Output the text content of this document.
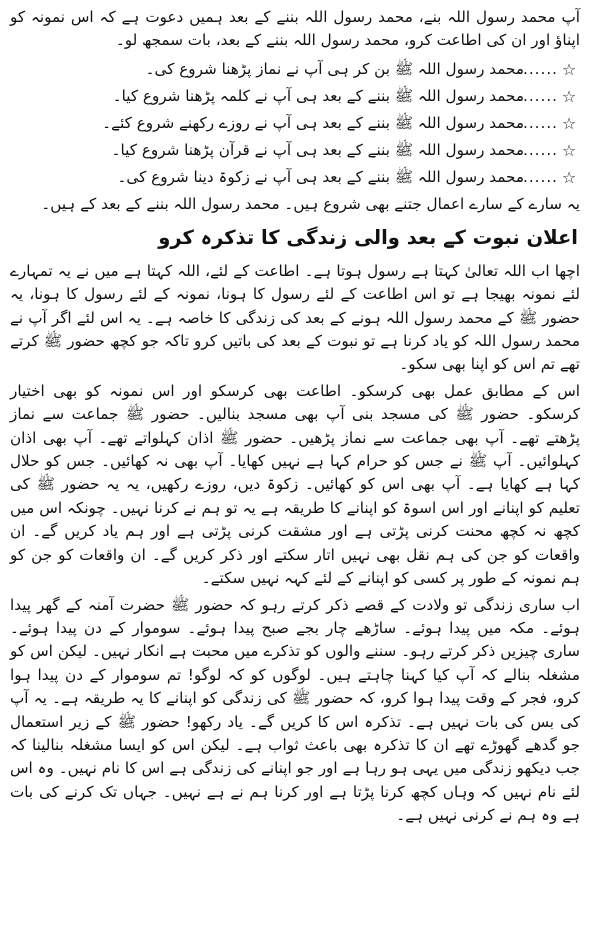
آپ محمد رسول اللہ بنے، محمد رسول اللہ بننے کے بعد ہمیں دعوت ہے کہ اس نمونہ کو اپناؤ اور ان کی اطاعت کرو، محمد رسول اللہ بننے کے بعد، بات سمجھ لو۔

☆
.......
محمد رسول اللہ ﷺ بن کر ہی آپ نے نماز پڑھنا شروع کی۔
☆
.......
محمد رسول اللہ ﷺ بننے کے بعد ہی آپ نے کلمہ پڑھنا شروع کیا۔
☆
.......
محمد رسول اللہ ﷺ بننے کے بعد ہی آپ نے روزے رکھنے شروع کئے۔
☆
.......
محمد رسول اللہ ﷺ بننے کے بعد ہی آپ نے قرآن پڑھنا شروع کیا۔
☆
.......
محمد رسول اللہ ﷺ بننے کے بعد ہی آپ نے زکوۃ دینا شروع کی۔

یہ سارے کے سارے اعمال جتنے بھی شروع ہیں۔ محمد رسول اللہ بننے کے بعد کے ہیں۔

اعلان نبوت کے بعد والی زندگی کا تذکرہ کرو

اچھا اب اللہ تعالیٰ کہتا ہے رسول ہوتا ہے۔ اطاعت کے لئے، اللہ کہتا ہے میں نے یہ تمہارے لئے نمونہ بھیجا ہے تو اس اطاعت کے لئے رسول کا ہونا، نمونہ کے لئے رسول کا ہونا، یہ حضور ﷺ کے محمد رسول اللہ ہونے کے بعد کی زندگی کا خاصہ ہے۔ یہ اس لئے اگر آپ نے محمد رسول اللہ کو یاد کرنا ہے تو نبوت کے بعد کی باتیں کرو تاکہ جو کچھ حضور ﷺ کرتے تھے تم اس کو اپنا بھی سکو۔

اس کے مطابق عمل بھی کرسکو۔ اطاعت بھی کرسکو اور اس نمونہ کو بھی اختیار کرسکو۔ حضور ﷺ کی مسجد بنی آپ بھی مسجد بنالیں۔ حضور ﷺ جماعت سے نماز پڑھتے تھے۔ آپ بھی جماعت سے نماز پڑھیں۔ حضور ﷺ اذان کہلواتے تھے۔ آپ بھی اذان کہلوائیں۔ آپ ﷺ نے جس کو حرام کہا ہے نہیں کھایا۔ آپ بھی نہ کھائیں۔ جس کو حلال کہا ہے کھایا ہے۔ آپ بھی اس کو کھائیں۔ زکوۃ دیں، روزے رکھیں، یہ یہ حضور ﷺ کی تعلیم کو اپنانے اور اس اسوۃ کو اپنانے کا طریقہ ہے یہ تو ہم نے کرنا نہیں۔ چونکہ اس میں کچھ نہ کچھ محنت کرنی پڑتی ہے اور مشقت کرنی پڑتی ہے اور ہم یاد کریں گے۔ ان واقعات کو جن کی ہم نقل بھی نہیں اتار سکتے اور ذکر کریں گے۔ ان واقعات کو جن کو ہم نمونہ کے طور پر کسی کو اپنانے کے لئے کہہ نہیں سکتے۔

اب ساری زندگی تو ولادت کے قصے ذکر کرتے رہو کہ حضور ﷺ حضرت آمنہ کے گھر پیدا ہوئے۔ مکہ میں پیدا ہوئے۔ ساڑھے چار بجے صبح پیدا ہوئے۔ سوموار کے دن پیدا ہوئے۔ ساری چیزیں ذکر کرتے رہو۔ سننے والوں کو تذکرے میں محبت ہے انکار نہیں۔ لیکن اس کو مشغلہ بنالے کہ آپ کیا کہنا چاہتے ہیں۔ لوگوں کو کہ لوگو! تم سوموار کے دن پیدا ہوا کرو، فجر کے وقت پیدا ہوا کرو، کہ حضور ﷺ کی زندگی کو اپنانے کا یہ طریقہ ہے۔ یہ آپ کی بس کی بات نہیں ہے۔ تذکرہ اس کا کریں گے۔ یاد رکھو! حضور ﷺ کے زیر استعمال جو گدھے گھوڑے تھے ان کا تذکرہ بھی باعث ثواب ہے۔ لیکن اس کو ایسا مشغلہ بنالینا کہ جب دیکھو زندگی میں یہی ہو رہا ہے اور جو اپنانے کی زندگی ہے اس کا نام نہیں۔ وہ اس لئے نام نہیں کہ وہاں کچھ کرنا پڑتا ہے اور کرنا ہم نے ہے نہیں۔ جہاں تک کرنے کی بات ہے وہ ہم نے کرنی نہیں ہے۔
